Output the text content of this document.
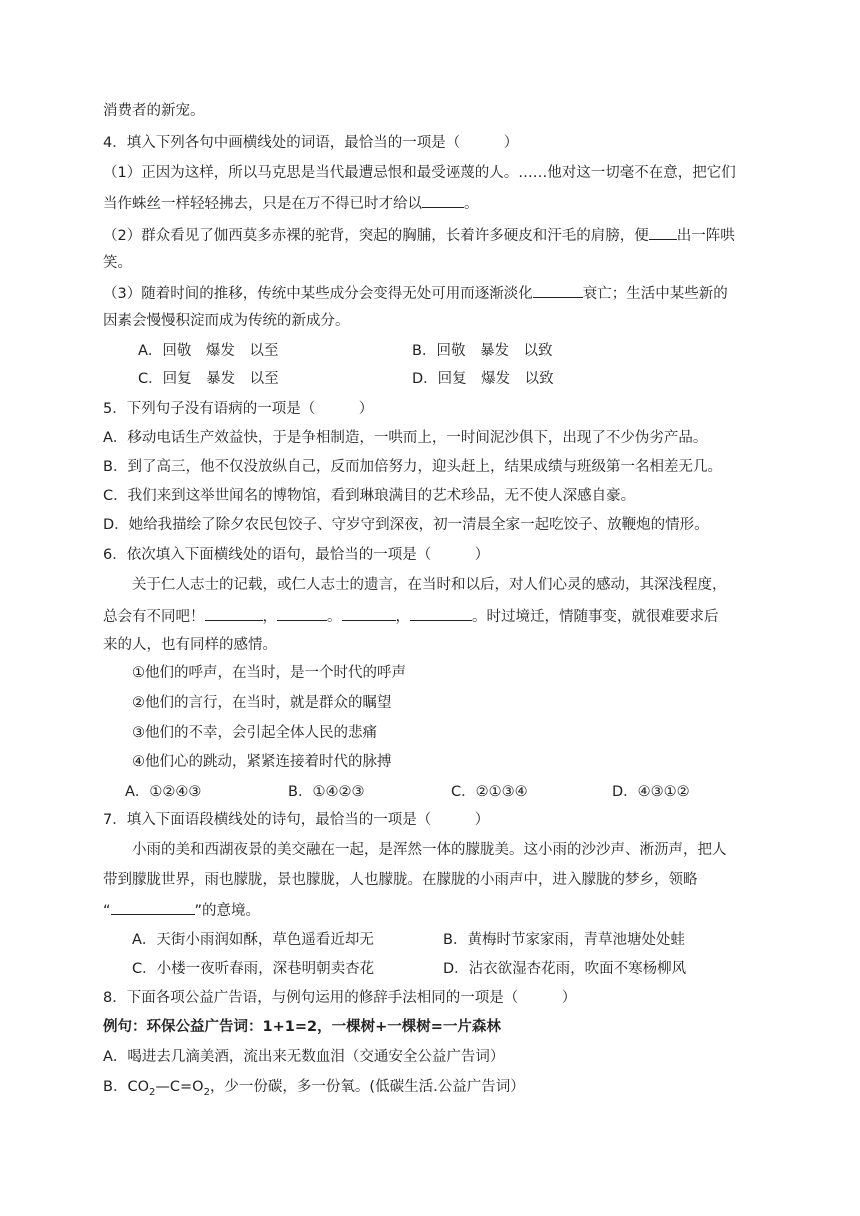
消费者的新宠。
4．填入下列各句中画横线处的词语，最恰当的一项是（　　　）
（1）正因为这样，所以马克思是当代最遭忌恨和最受诬蔑的人。……他对这一切毫不在意，把它们
当作蛛丝一样轻轻拂去，只是在万不得已时才给以	。
（2）群众看见了伽西莫多赤裸的驼背，突起的胸脯，长着许多硬皮和汗毛的肩膀，便 出一阵哄
笑。
（3）随着时间的推移，传统中某些成分会变得无处可用而逐渐淡化	衰亡；生活中某些新的
因素会慢慢积淀而成为传统的新成分。
A．回敬　爆发　以至	B．回敬　暴发　以致
C．回复　暴发　以至	D．回复　爆发　以致
5．下列句子没有语病的一项是（　　　）
A．移动电话生产效益快，于是争相制造，一哄而上，一时间泥沙俱下，出现了不少伪劣产品。
B．到了高三，他不仅没放纵自己，反而加倍努力，迎头赶上，结果成绩与班级第一名相差无几。
C．我们来到这举世闻名的博物馆，看到琳琅满目的艺术珍品，无不使人深感自豪。
D．她给我描绘了除夕农民包饺子、守岁守到深夜，初一清晨全家一起吃饺子、放鞭炮的情形。
6．依次填入下面横线处的语句，最恰当的一项是（　　　）
关于仁人志士的记载，或仁人志士的遗言，在当时和以后，对人们心灵的感动，其深浅程度，
总会有不同吧！	，	。	，	。时过境迁，情随事变，就很难要求后
来的人，也有同样的感情。
①他们的呼声，在当时，是一个时代的呼声
②他们的言行，在当时，就是群众的瞩望
③他们的不幸，会引起全体人民的悲痛
④他们心的跳动，紧紧连接着时代的脉搏
A．①②④③	B．①④②③	C．②①③④	D．④③①②
7．填入下面语段横线处的诗句，最恰当的一项是（　　　）
小雨的美和西湖夜景的美交融在一起，是浑然一体的朦胧美。这小雨的沙沙声、淅沥声，把人
带到朦胧世界，雨也朦胧，景也朦胧，人也朦胧。在朦胧的小雨声中，进入朦胧的梦乡，领略
“	”的意境。
A．天街小雨润如酥，草色遥看近却无	B．黄梅时节家家雨，青草池塘处处蛙
C．小楼一夜听春雨，深巷明朝卖杏花	D．沾衣欲湿杏花雨，吹面不寒杨柳风
8．下面各项公益广告语，与例句运用的修辞手法相同的一项是（　　　）
例句：环保公益广告词：1+1=2，一棵树+一棵树=一片森林
A．喝进去几滴美酒，流出来无数血泪（交通安全公益广告词）
B．$CO_2—C=O_2$，少一份碳，多一份氧。(低碳生活.公益广告词）
